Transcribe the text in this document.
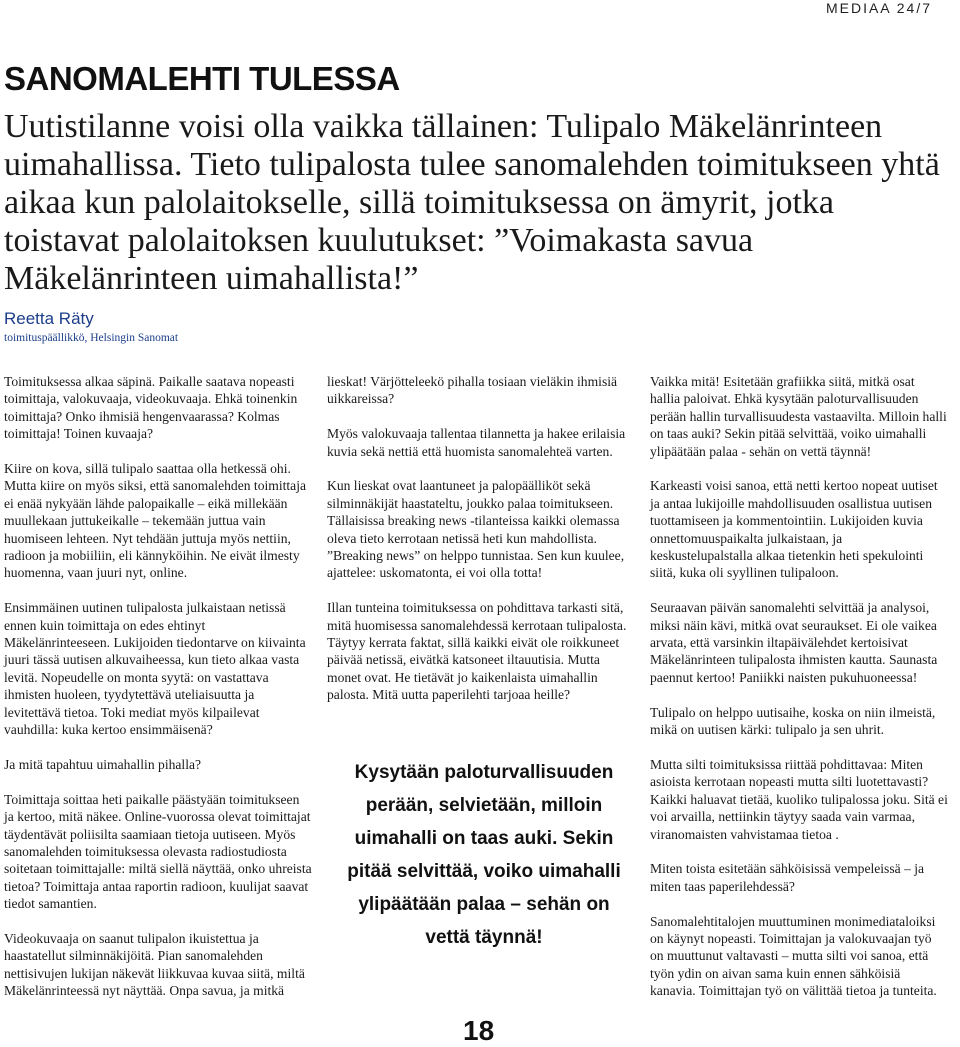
MEDIAA 24/7
SANOMALEHTI TULESSA

Uutistilanne voisi olla vaikka tällainen: Tulipalo Mäkelänrinteen uimahallissa. Tieto tulipalosta tulee sanomalehden toimitukseen yhtä aikaa kun palolaitokselle, sillä toimituksessa on ämyrit, jotka toistavat palolaitoksen kuulutukset: ”Voimakasta savua Mäkelänrinteen uimahallista!”

Reetta Räty
toimituspäällikkö, Helsingin Sanomat

Toimituksessa alkaa säpinä. Paikalle saatava nopeasti toimittaja, valokuvaaja, videokuvaaja. Ehkä toinenkin toimittaja? Onko ihmisiä hengenvaarassa? Kolmas toimittaja! Toinen kuvaaja?

Kiire on kova, sillä tulipalo saattaa olla hetkessä ohi. Mutta kiire on myös siksi, että sanomalehden toimittaja ei enää nykyään lähde palopaikalle – eikä millekään muullekaan juttukeikalle – tekemään juttua vain huomiseen lehteen. Nyt tehdään juttuja myös nettiin, radioon ja mobiiliin, eli kännyköihin. Ne eivät ilmesty huomenna, vaan juuri nyt, online.

Ensimmäinen uutinen tulipalosta julkaistaan netissä ennen kuin toimittaja on edes ehtinyt Mäkelänrinteeseen. Lukijoiden tiedontarve on kiivainta juuri tässä uutisen alkuvaiheessa, kun tieto alkaa vasta levitä. Nopeudelle on monta syytä: on vastattava ihmisten huoleen, tyydytettävä uteliaisuutta ja levitettävä tietoa. Toki mediat myös kilpailevat vauhdilla: kuka kertoo ensimmäisenä?

Ja mitä tapahtuu uimahallin pihalla?

Toimittaja soittaa heti paikalle päästyään toimitukseen ja kertoo, mitä näkee. Online-vuorossa olevat toimittajat täydentävät poliisilta saamiaan tietoja uutiseen. Myös sanomalehden toimituksessa olevasta radiostudiosta soitetaan toimittajalle: miltä siellä näyttää, onko uhreista tietoa? Toimittaja antaa raportin radioon, kuulijat saavat tiedot samantien.

Videokuvaaja on saanut tulipalon ikuistettua ja haastatellut silminnäkijöitä. Pian sanomalehden nettisivujen lukijan näkevät liikkuvaa kuvaa siitä, miltä Mäkelänrinteessä nyt näyttää. Onpa savua, ja mitkä

lieskat! Värjötteleekö pihalla tosiaan vieläkin ihmisiä uikkareissa?

Myös valokuvaaja tallentaa tilannetta ja hakee erilaisia kuvia sekä nettiä että huomista sanomalehteä varten.

Kun lieskat ovat laantuneet ja palopäälliköt sekä silminnäkijät haastateltu, joukko palaa toimitukseen. Tällaisissa breaking news -tilanteissa kaikki olemassa oleva tieto kerrotaan netissä heti kun mahdollista. ”Breaking news” on helppo tunnistaa. Sen kun kuulee, ajattelee: uskomatonta, ei voi olla totta!

Illan tunteina toimituksessa on pohdittava tarkasti sitä, mitä huomisessa sanomalehdessä kerrotaan tulipalosta. Täytyy kerrata faktat, sillä kaikki eivät ole roikkuneet päivää netissä, eivätkä katsoneet iltauutisia. Mutta monet ovat. He tietävät jo kaikenlaista uimahallin palosta. Mitä uutta paperilehti tarjoaa heille?

Kysytään paloturvallisuuden perään, selvietään, milloin uimahalli on taas auki. Sekin pitää selvittää, voiko uimahalli ylipäätään palaa – sehän on vettä täynnä!

Vaikka mitä! Esitetään grafiikka siitä, mitkä osat hallia paloivat. Ehkä kysytään paloturvallisuuden perään hallin turvallisuudesta vastaavilta. Milloin halli on taas auki? Sekin pitää selvittää, voiko uimahalli ylipäätään palaa - sehän on vettä täynnä!

Karkeasti voisi sanoa, että netti kertoo nopeat uutiset ja antaa lukijoille mahdollisuuden osallistua uutisen tuottamiseen ja kommentointiin. Lukijoiden kuvia onnettomuuspaikalta julkaistaan, ja keskustelupalstalla alkaa tietenkin heti spekulointi siitä, kuka oli syyllinen tulipaloon.

Seuraavan päivän sanomalehti selvittää ja analysoi, miksi näin kävi, mitkä ovat seuraukset. Ei ole vaikea arvata, että varsinkin iltapäivälehdet kertoisivat Mäkelänrinteen tulipalosta ihmisten kautta. Saunasta paennut kertoo! Paniikki naisten pukuhuoneessa!

Tulipalo on helppo uutisaihe, koska on niin ilmeistä, mikä on uutisen kärki: tulipalo ja sen uhrit.

Mutta silti toimituksissa riittää pohdittavaa: Miten asioista kerrotaan nopeasti mutta silti luotettavasti? Kaikki haluavat tietää, kuoliko tulipalossa joku. Sitä ei voi arvailla, nettiinkin täytyy saada vain varmaa, viranomaisten vahvistamaa tietoa .

Miten toista esitetään sähköisissä vempeleissä – ja miten taas paperilehdessä?

Sanomalehtitalojen muuttuminen monimediataloiksi on käynyt nopeasti. Toimittajan ja valokuvaajan työ on muuttunut valtavasti – mutta silti voi sanoa, että työn ydin on aivan sama kuin ennen sähköisiä kanavia. Toimittajan työ on välittää tietoa ja tunteita.

18
